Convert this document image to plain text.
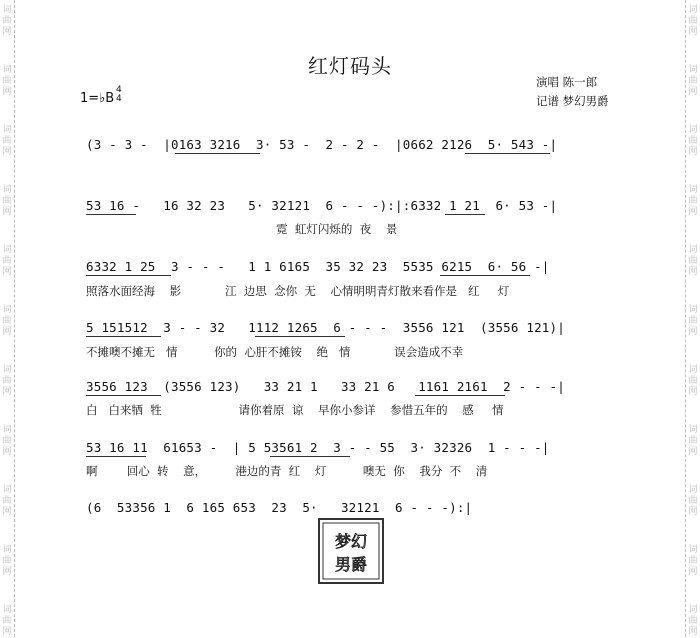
词
曲
网
词
曲
网
词
曲
网
词
曲
网
词
曲
网
词
曲
网
词
曲
网
词
曲
网
词
曲
网
词
曲
网
词
曲
网
词
曲
网
词
曲
网
词
曲
网
词
曲
网
词
曲
网
词
曲
网
词
曲
网
词
曲
网
词
曲
网
词
曲
网
词
曲
网
红灯码头
演唱 陈一郎
记谱 梦幻男爵
1=♭B
4
4
(3 - 3 -  |0163 3216  3· 53 -  2 - 2 -  |0662 2126  5· 543 -|
53 16 -   16 32 23   5· 32121  6 - - -):|:6332 1 21  6· 53 -|
霓  虹灯闪烁的  夜    景
6332 1 25  3 - - -   1 1 6165  35 32 23  5535 6215  6· 56 -|
照落水面经海    影            江  边思  念你  无    心情明明青灯散来看作是   红     灯
5 151512  3 - - 32   1112 1265  6 - - -  3556 121  (3556 121)|
不摊噢不摊无   情          你的  心肝不摊铵    绝   情            误会造成不幸
3556 123  (3556 123)   33 21 1   33 21 6   1161 2161  2 - - -|
白   白来牺  牲                     请你着原  谅    早你小参详    参惜五年的    感     情
53 16 11  61653 -  | 5 53561 2  3 - - 55  3· 32326  1 - - -|
啊        回心  转    意，        港边的青  红    灯          噢无  你    我分  不    清
(6  53356 1  6 165 653  23  5·   32121  6 - - -):|
梦幻
男爵
